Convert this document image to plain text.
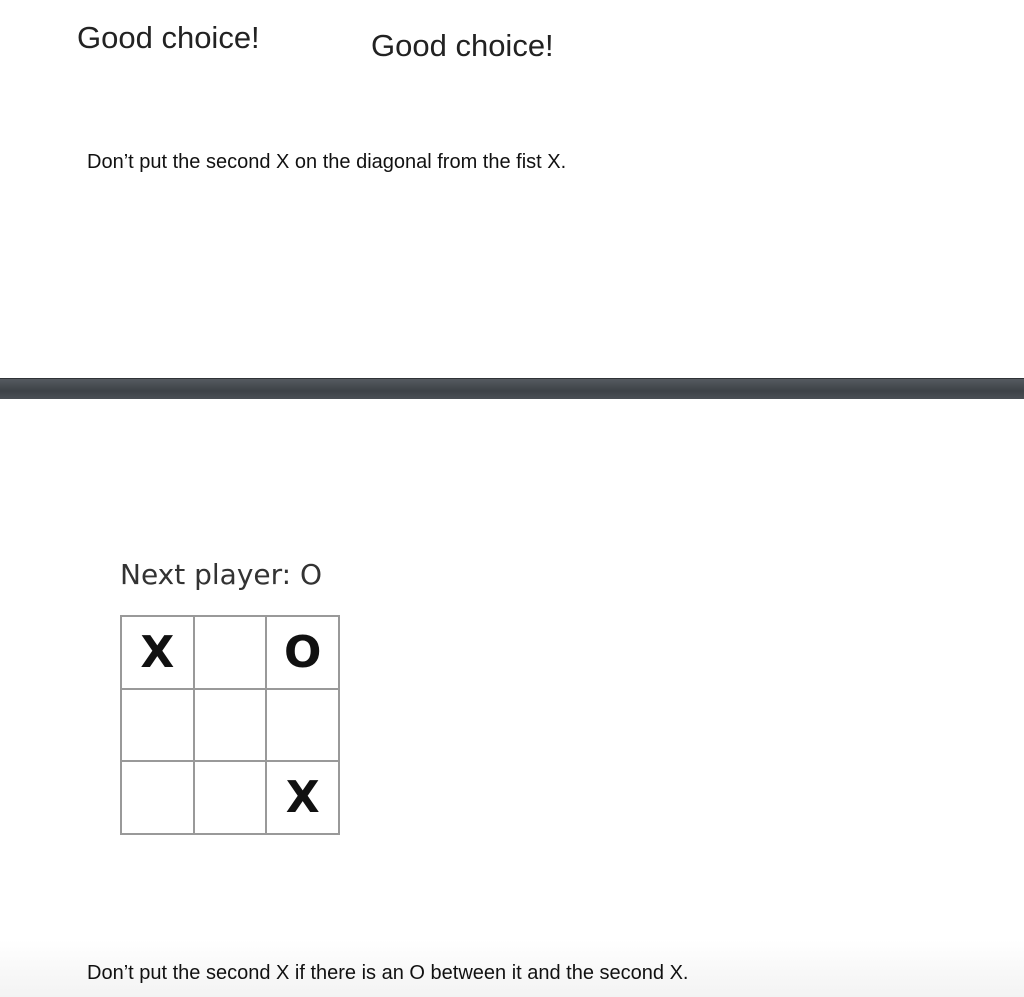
Good choice!	Good choice!
Don’t put the second X on the diagonal from the fist X.
Next player: O
X	O
X
Don’t put the second X if there is an O between it and the second X.
